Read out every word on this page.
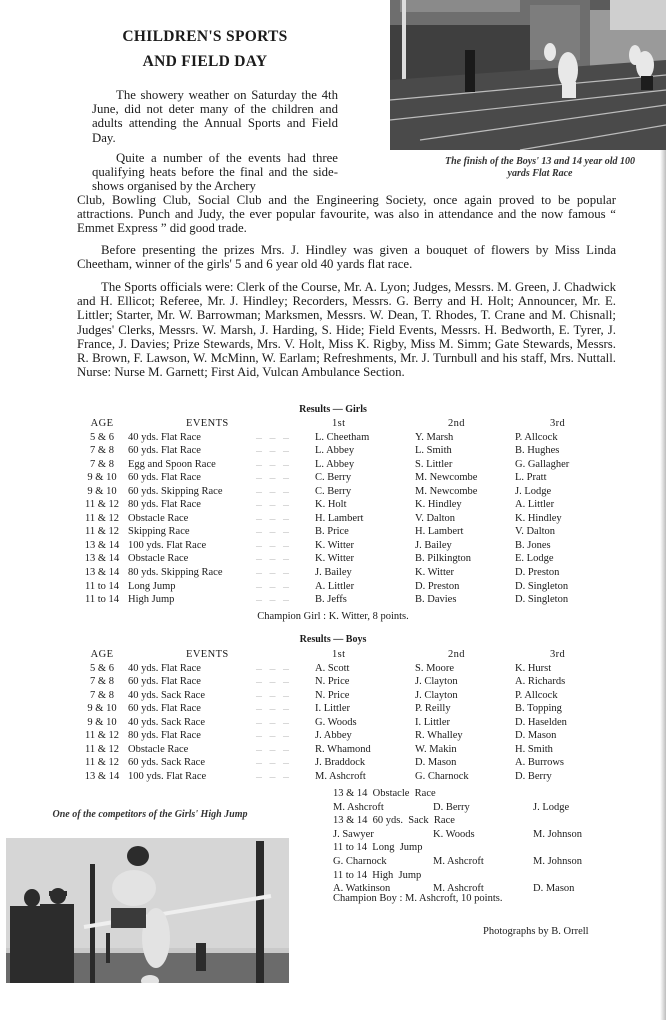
CHILDREN'S SPORTS
AND FIELD DAY
The showery weather on Saturday the 4th June, did not deter many of the children and adults attending the Annual Sports and Field Day.
Quite a number of the events had three qualifying heats before the final and the side-shows organised by the Archery
Club, Bowling Club, Social Club and the Engineering Society, once again proved to be popular attractions. Punch and Judy, the ever popular favourite, was also in attendance and the now famous “ Emmet Express ” did good trade.
Before presenting the prizes Mrs. J. Hindley was given a bouquet of flowers by Miss Linda Cheetham, winner of the girls' 5 and 6 year old 40 yards flat race.
The Sports officials were: Clerk of the Course, Mr. A. Lyon; Judges, Messrs. M. Green, J. Chadwick and H. Ellicot; Referee, Mr. J. Hindley; Recorders, Messrs. G. Berry and H. Holt; Announcer, Mr. E. Littler; Starter, Mr. W. Barrowman; Marksmen, Messrs. W. Dean, T. Rhodes, T. Crane and M. Chisnall; Judges' Clerks, Messrs. W. Marsh, J. Harding, S. Hide; Field Events, Messrs. H. Bedworth, E. Tyrer, J. France, J. Davies; Prize Stewards, Mrs. V. Holt, Miss K. Rigby, Miss M. Simm; Gate Stewards, Messrs. R. Brown, F. Lawson, W. McMinn, W. Earlam; Refreshments, Mr. J. Turnbull and his staff, Mrs. Nuttall. Nurse: Nurse M. Garnett; First Aid, Vulcan Ambulance Section.
The finish of the Boys' 13 and 14 year old 100 yards Flat Race
Results — Girls
AGE	EVENTS	1st	2nd	3rd
5 & 6	40 yds. Flat Race	L. Cheetham	Y. Marsh	P. Allcock
— — —
7 & 8	60 yds. Flat Race	L. Abbey	L. Smith	B. Hughes
— — —
7 & 8	Egg and Spoon Race	L. Abbey	S. Littler	G. Gallagher
— — —
9 & 10	60 yds. Flat Race	C. Berry	M. Newcombe	L. Pratt
— — —
9 & 10	60 yds. Skipping Race	C. Berry	M. Newcombe	J. Lodge
— — —
11 & 12 80 yds. Flat Race	K. Holt	K. Hindley	A. Littler
— — —
11 & 12 Obstacle Race	H. Lambert	V. Dalton	K. Hindley
— — —
11 & 12 Skipping Race	B. Price	H. Lambert	V. Dalton
— — —
13 & 14 100 yds. Flat Race	K. Witter	J. Bailey	B. Jones
— — —
13 & 14 Obstacle Race	K. Witter	B. Pilkington	E. Lodge
— — —
13 & 14 80 yds. Skipping Race	J. Bailey	K. Witter	D. Preston
— — —
11 to 14 Long Jump	A. Littler	D. Preston	D. Singleton
— — —
11 to 14 High Jump	B. Jeffs	B. Davies	D. Singleton
— — —
Champion Girl : K. Witter, 8 points.
Results — Boys
AGE	EVENTS	1st	2nd	3rd
5 & 6	40 yds. Flat Race	A. Scott	S. Moore	K. Hurst
— — —
7 & 8	60 yds. Flat Race	N. Price	J. Clayton	A. Richards
— — —
7 & 8	40 yds. Sack Race	N. Price	J. Clayton	P. Allcock
— — —
9 & 10	60 yds. Flat Race	I. Littler	P. Reilly	B. Topping
— — —
9 & 10	40 yds. Sack Race	G. Woods	I. Littler	D. Haselden
— — —
11 & 12 80 yds. Flat Race	J. Abbey	R. Whalley	D. Mason
— — —
11 & 12 Obstacle Race	R. Whamond	W. Makin	H. Smith
— — —
11 & 12 60 yds. Sack Race	J. Braddock	D. Mason	A. Burrows
— — —
13 & 14 100 yds. Flat Race	M. Ashcroft	G. Charnock	D. Berry
— — —
13 & 14  Obstacle  Race
M. Ashcroft	D. Berry	J. Lodge
13 & 14  60 yds.  Sack  Race
J. Sawyer	K. Woods	M. Johnson
11 to 14  Long  Jump
G. Charnock	M. Ashcroft	M. Johnson
11 to 14  High  Jump
A. Watkinson	M. Ashcroft	D. Mason
Champion Boy : M. Ashcroft, 10 points.
One of the competitors of the Girls' High Jump
Photographs by B. Orrell
